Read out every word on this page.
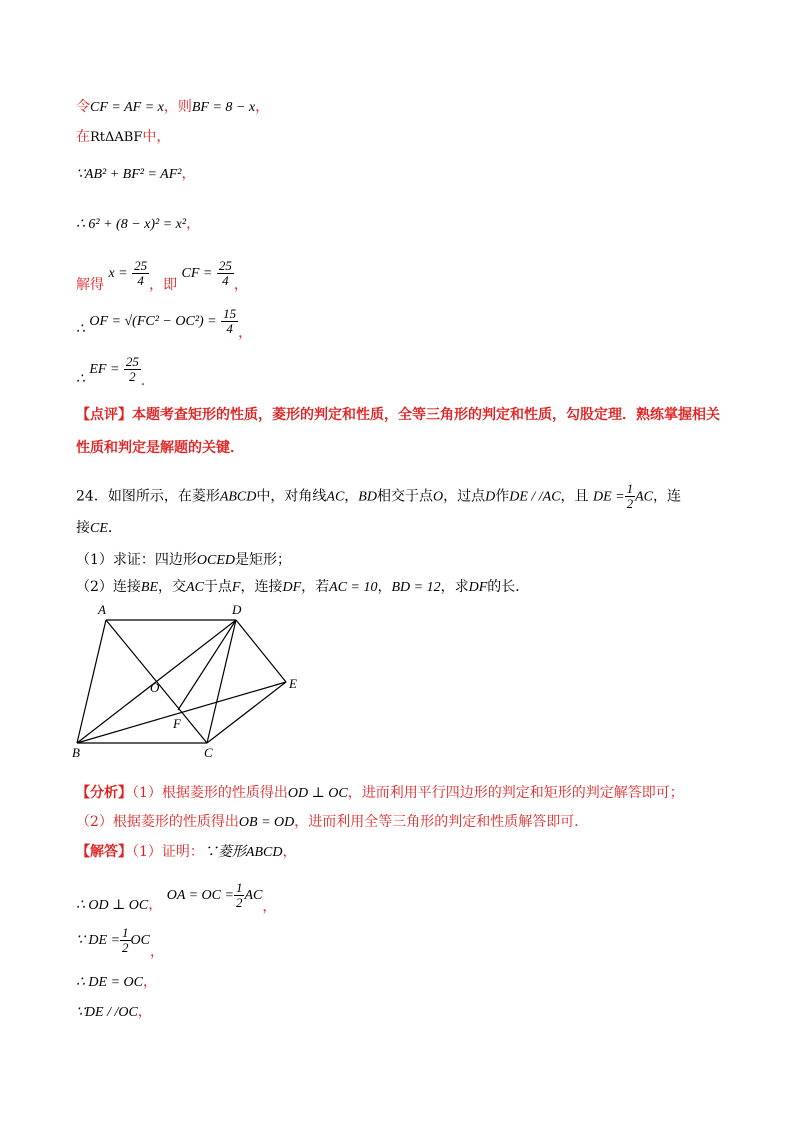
令CF = AF = x，则BF = 8 − x，
在RtΔABF中，
∵AB² + BF² = AF²，
∴ 6² + (8 − x)² = x²，
解得 $x = \frac{25}{4}$ ，即 CF = $\frac{25}{4}$ ，
∴ OF = $√(FC^2 - OC^2) = \frac{15}{4}$ ，
∴ EF = $\frac{25}{2}$ ．
【点评】本题考查矩形的性质，菱形的判定和性质，全等三角形的判定和性质，勾股定理．熟练掌握相关
性质和判定是解题的关键．
24．如图所示，在菱形ABCD中，对角线AC，BD相交于点O，过点D作DE / /AC，且 DE = $\frac{1}{2}$ AC，连
接CE．
（1）求证：四边形OCED是矩形；
（2）连接BE，交AC于点F，连接DF，若AC = 10，BD = 12，求DF的长．
A	D
B	C
E
O
F
【分析】（1）根据菱形的性质得出OD ⊥ OC，进而利用平行四边形的判定和矩形的判定解答即可；
（2）根据菱形的性质得出OB = OD，进而利用全等三角形的判定和性质解答即可．
【解答】（1）证明：∵菱形ABCD，
∴ OD ⊥ OC， OA = OC = $\frac{1}{2}$ AC，
∵ DE = $\frac{1}{2}$ OC，
∴ DE = OC，
∵DE / /OC，
